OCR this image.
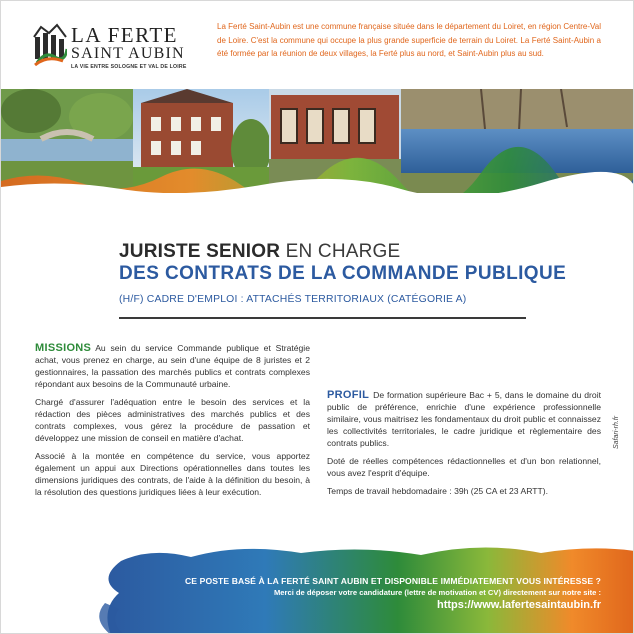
LA FERTE
SAINT AUBIN
LA VIE ENTRE SOLOGNE ET VAL DE LOIRE
La Ferté Saint-Aubin est une commune française située dans le département du Loiret, en région Centre-Val de Loire. C'est la commune qui occupe la plus grande superficie de terrain du Loiret. La Ferté Saint-Aubin a été formée par la réunion de deux villages, la Ferté plus au nord, et Saint-Aubin plus au sud.
JURISTE SENIOR EN CHARGE
DES CONTRATS DE LA COMMANDE PUBLIQUE
(H/F) CADRE D'EMPLOI : ATTACHÉS TERRITORIAUX (CATÉGORIE A)

MISSIONS Au sein du service Commande publique et Stratégie achat, vous prenez en charge, au sein d'une équipe de 8 juristes et 2 gestionnaires, la passation des marchés publics et contrats complexes répondant aux besoins de la Communauté urbaine.

Chargé d'assurer l'adéquation entre le besoin des services et la rédaction des pièces administratives des marchés publics et des contrats complexes, vous gérez la procédure de passation et développez une mission de conseil en matière d'achat.

Associé à la montée en compétence du service, vous apportez également un appui aux Directions opérationnelles dans toutes les dimensions juridiques des contrats, de l'aide à la définition du besoin, à la résolution des questions juridiques liées à leur exécution.

PROFIL De formation supérieure Bac + 5, dans le domaine du droit public de préférence, enrichie d'une expérience professionnelle similaire, vous maitrisez les fondamentaux du droit public et connaissez les collectivités territoriales, le cadre juridique et règlementaire des contrats publics.

Doté de réelles compétences rédactionnelles et d'un bon relationnel, vous avez l'esprit d'équipe.

Temps de travail hebdomadaire : 39h (25 CA et 23 ARTT).

Safari-rh.fr
CE POSTE BASÉ À LA FERTÉ SAINT AUBIN ET DISPONIBLE IMMÉDIATEMENT VOUS INTÉRESSE ?
Merci de déposer votre candidature (lettre de motivation et CV) directement sur notre site :
https://www.lafertesaintaubin.fr
